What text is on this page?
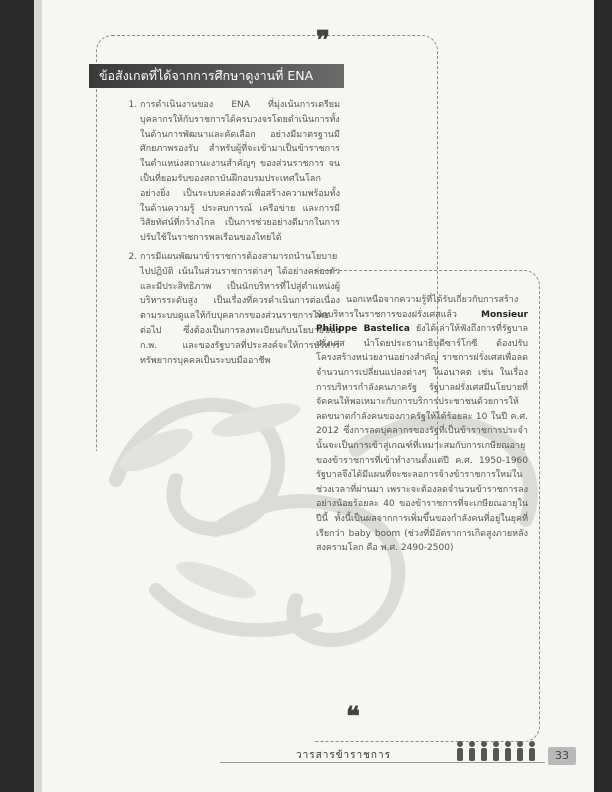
❞
ข้อสังเกตที่ได้จากการศึกษาดูงานที่ ENA
1. การดำเนินงานของ ENA ที่มุ่งเน้นการเตรียมบุคลากรให้กับราชการได้ครบวงจรโดยดำเนินการทั้งในด้านการพัฒนาและคัดเลือก อย่างมีมาตรฐานมีศักยภาพรองรับ สำหรับผู้ที่จะเข้ามาเป็นข้าราชการในตำแหน่งสถานะงานสำคัญๆ ของส่วนราชการ จนเป็นที่ยอมรับของสถาบันฝึกอบรมประเทศในโลกอย่างยิ่ง เป็นระบบคล่องตัวเพื่อสร้างความพร้อมทั้งในด้านความรู้ ประสบการณ์ เครือข่าย และการมีวิสัยทัศน์ที่กว้างไกล เป็นการช่วยอย่างดีมากในการปรับใช้ในราชการพลเรือนของไทยได้
2. การมีแผนพัฒนาข้าราชการต้องสามารถนำนโยบายไปปฏิบัติ เน้นในส่วนราชการต่างๆ ได้อย่างคล่องตัวและมีประสิทธิภาพ เป็นนักบริหารที่ไปสู่ตำแหน่งผู้บริหารระดับสูง เป็นเรื่องที่ควรดำเนินการต่อเนื่องตามระบบดูแลให้กับบุคลากรของส่วนราชการไทยต่อไป ซึ่งต้องเป็นการลงทะเบียนกับนโยบายของ ก.พ. และของรัฐบาลที่ประสงค์จะให้การบริหารทรัพยากรบุคคลเป็นระบบมืออาชีพ
นอกเหนือจากความรู้ที่ได้รับเกี่ยวกับการสร้างนักบริหารในราชการของฝรั่งเศสแล้ว	Monsieur Philippe Bastelica ยังได้เล่าให้ฟังถึงการที่รัฐบาลฝรั่งเศส นำโดยประธานาธิบดีซาร์โกซี ต้องปรับโครงสร้างหน่วยงานอย่างสำคัญ ราชการฝรั่งเศสเพื่อลดจำนวนการเปลี่ยนแปลงต่างๆ ในอนาคต เช่น ในเรื่องการบริหารกำลังคนภาครัฐ รัฐบาลฝรั่งเศสมีนโยบายที่จัดคนให้พอเหมาะกับการบริการประชาชนด้วยการให้ลดขนาดกำลังคนของภาครัฐให้ได้ร้อยละ 10 ในปี ค.ศ. 2012 ซึ่งการลดบุคลากรของรัฐที่เป็นข้าราชการประจำนั้นจะเป็นการเข้าสู่เกณฑ์ที่เหมาะสมกับการเกษียณอายุของข้าราชการที่เข้าทำงานตั้งแต่ปี ค.ศ. 1950-1960 รัฐบาลจึงได้มีแผนที่จะชะลอการจ้างข้าราชการใหม่ในช่วงเวลาที่ผ่านมา เพราะจะต้องลดจำนวนข้าราชการลงอย่างน้อยร้อยละ 40 ของข้าราชการที่จะเกษียณอายุในปีนี้ ทั้งนี้เป็นผลจากการเพิ่มขึ้นของกำลังคนที่อยู่ในยุคที่เรียกว่า baby boom (ช่วงที่มีอัตราการเกิดสูงภายหลังสงครามโลก คือ พ.ศ. 2490-2500)
❝
วารสารข้าราชการ	33
